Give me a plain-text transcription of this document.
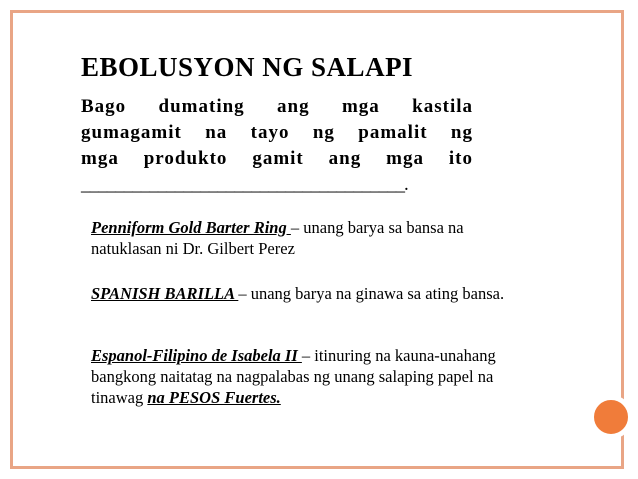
EBOLUSYON NG SALAPI
Bago dumating ang mga kastila
gumagamit na tayo ng pamalit ng
mga produkto gamit ang mga ito
______________________________________.
Penniform Gold Barter Ring – unang barya sa bansa na natuklasan ni Dr. Gilbert Perez
SPANISH BARILLA – unang barya na ginawa sa ating bansa.
Espanol-Filipino de Isabela II – itinuring na kauna-unahang bangkong naitatag na nagpalabas ng unang salaping papel na tinawag na PESOS Fuertes.
